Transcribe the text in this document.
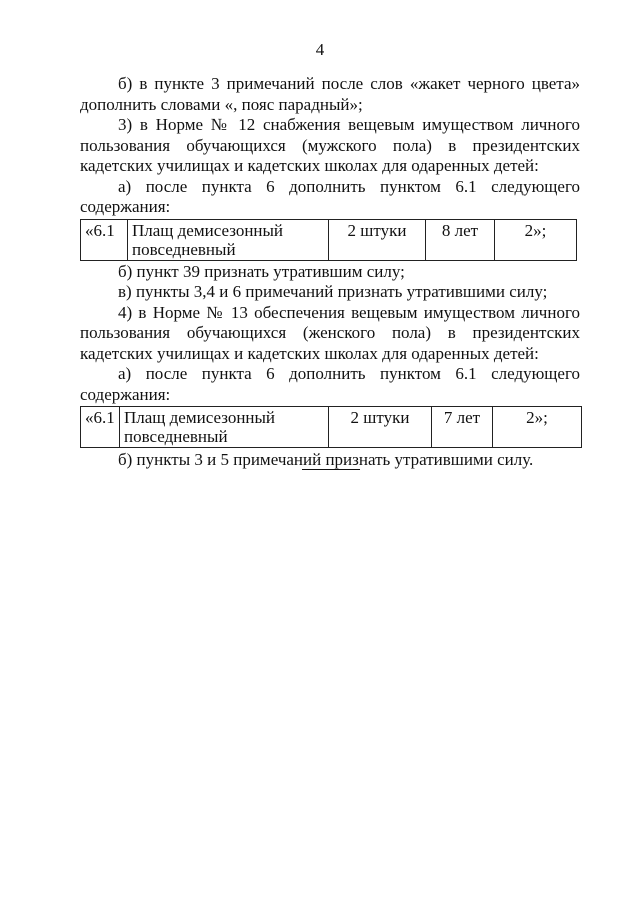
4

б) в пункте 3 примечаний после слов «жакет черного цвета» дополнить словами «, пояс парадный»;

3) в Норме № 12 снабжения вещевым имуществом личного пользования обучающихся (мужского пола) в президентских кадетских училищах и кадетских школах для одаренных детей:

а) после пункта 6 дополнить пунктом 6.1 следующего содержания:

«6.1	Плащ демисезонный повседневный	2 штуки	8 лет	2»;

б) пункт 39 признать утратившим силу;

в) пункты 3,4 и 6 примечаний признать утратившими силу;

4) в Норме № 13 обеспечения вещевым имуществом личного пользования обучающихся (женского пола) в президентских кадетских училищах и кадетских школах для одаренных детей:

а) после пункта 6 дополнить пунктом 6.1 следующего содержания:

«6.1	Плащ демисезонный повседневный	2 штуки	7 лет	2»;

б) пункты 3 и 5 примечаний признать утратившими силу.
